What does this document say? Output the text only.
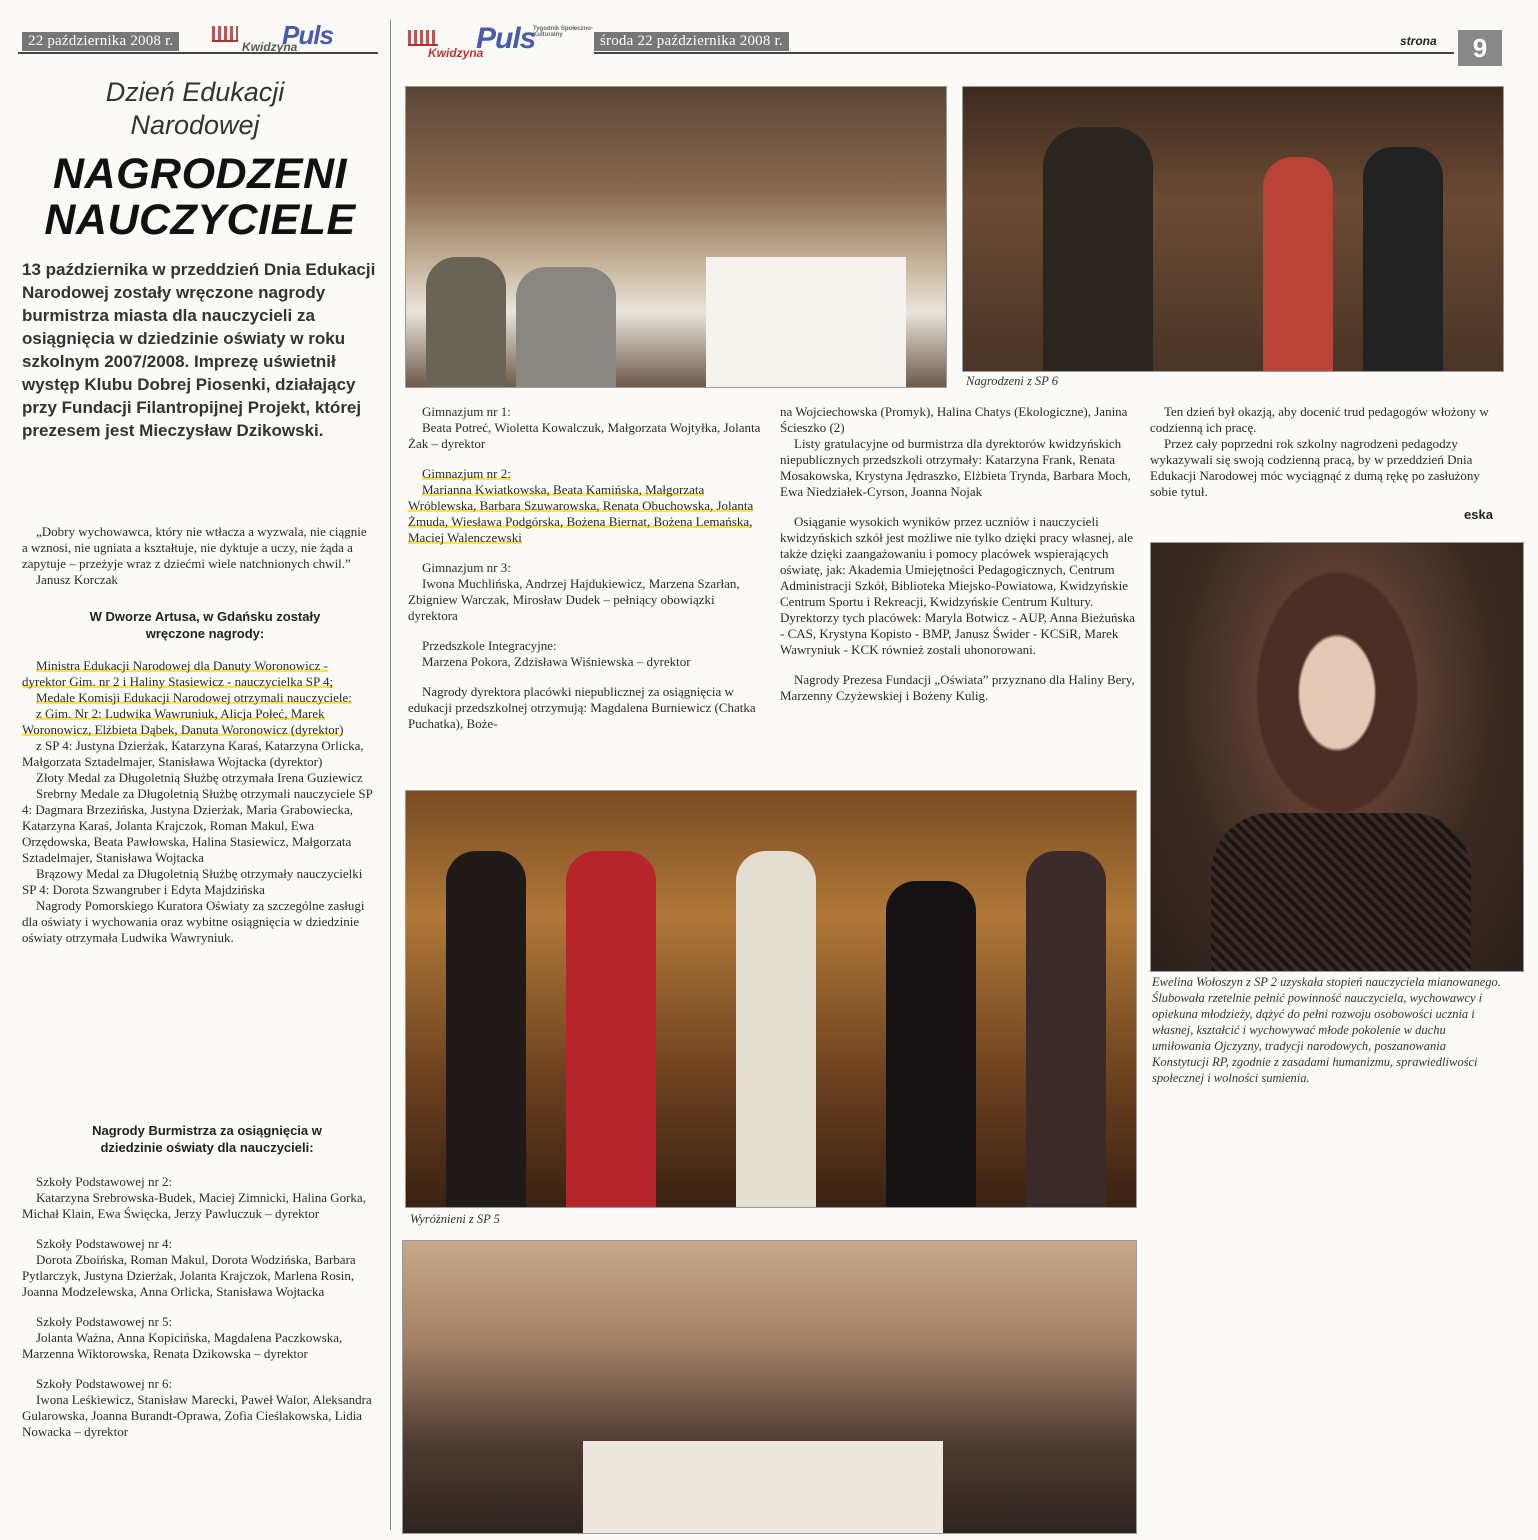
22 października 2008 r.	Kwidzyna
Puls	Puls
Kwidzyna
Tygodnik Społeczno-Kulturalny	środa 22 października 2008 r.	strona	9
Dzień Edukacji Narodowej
NAGRODZENI
NAUCZYCIELE
13 października w przeddzień Dnia Edukacji Narodowej zostały wręczone nagrody burmistrza miasta dla nauczycieli za osiągnięcia w dziedzinie oświaty w roku szkolnym 2007/2008. Imprezę uświetnił występ Klubu Dobrej Piosenki, działający przy Fundacji Filantropijnej Projekt, której prezesem jest Mieczysław Dzikowski.

„Dobry wychowawca, który nie wtłacza a wyzwala, nie ciągnie a wznosi, nie ugniata a kształtuje, nie dyktuje a uczy, nie żąda a zapytuje – przeżyje wraz z dziećmi wiele natchnionych chwil.”

Janusz Korczak

W Dworze Artusa, w Gdańsku zostały wręczone nagrody:

Ministra Edukacji Narodowej dla Danuty Woronowicz - dyrektor Gim. nr 2 i Haliny Stasiewicz - nauczycielka SP 4;

Medale Komisji Edukacji Narodowej otrzymali nauczyciele:

z Gim. Nr 2: Ludwika Wawruniuk, Alicja Połeć, Marek Woronowicz, Elżbieta Dąbek, Danuta Woronowicz (dyrektor)

z SP 4: Justyna Dzierżak, Katarzyna Karaś, Katarzyna Orlicka, Małgorzata Sztadelmajer, Stanisława Wojtacka (dyrektor)

Złoty Medal za Długoletnią Służbę otrzymała Irena Guziewicz

Srebrny Medale za Długoletnią Służbę otrzymali nauczyciele SP 4: Dagmara Brzezińska, Justyna Dzierżak, Maria Grabowiecka, Katarzyna Karaś, Jolanta Krajczok, Roman Makul, Ewa Orzędowska, Beata Pawłowska, Halina Stasiewicz, Małgorzata Sztadelmajer, Stanisława Wojtacka

Brązowy Medal za Długoletnią Służbę otrzymały nauczycielki SP 4: Dorota Szwangruber i Edyta Majdzińska

Nagrody Pomorskiego Kuratora Oświaty za szczególne zasługi dla oświaty i wychowania oraz wybitne osiągnięcia w dziedzinie oświaty otrzymała Ludwika Wawryniuk.

Nagrody Burmistrza za osiągnięcia w dziedzinie oświaty dla nauczycieli:

Szkoły Podstawowej nr 2:

Katarzyna Srebrowska-Budek, Maciej Zimnicki, Halina Gorka, Michał Klain, Ewa Święcka, Jerzy Pawluczuk – dyrektor

Szkoły Podstawowej nr 4:

Dorota Zboińska, Roman Makul, Dorota Wodzińska, Barbara Pytlarczyk, Justyna Dzierżak, Jolanta Krajczok, Marlena Rosin, Joanna Modzelewska, Anna Orlicka, Stanisława Wojtacka

Szkoły Podstawowej nr 5:

Jolanta Ważna, Anna Kopicińska, Magdalena Paczkowska, Marzenna Wiktorowska, Renata Dzikowska – dyrektor

Szkoły Podstawowej nr 6:

Iwona Leśkiewicz, Stanisław Marecki, Paweł Walor, Aleksandra Gularowska, Joanna Burandt-Oprawa, Zofia Cieślakowska, Lidia Nowacka – dyrektor

Nagrodzeni z SP 6

Gimnazjum nr 1:

Beata Potreć, Wioletta Kowalczuk, Małgorzata Wojtyłka, Jolanta Żak – dyrektor

Gimnazjum nr 2:

Marianna Kwiatkowska, Beata Kamińska, Małgorzata Wróblewska, Barbara Szuwarowska, Renata Obuchowska, Jolanta Żmuda, Wiesława Podgórska, Bożena Biernat, Bożena Lemańska, Maciej Walenczewski

Gimnazjum nr 3:

Iwona Muchlińska, Andrzej Hajdukiewicz, Marzena Szarłan, Zbigniew Warczak, Mirosław Dudek – pełniący obowiązki dyrektora

Przedszkole Integracyjne:

Marzena Pokora, Zdzisława Wiśniewska – dyrektor

Nagrody dyrektora placówki niepublicznej za osiągnięcia w edukacji przedszkolnej otrzymują: Magdalena Burniewicz (Chatka Puchatka), Boże-

na Wojciechowska (Promyk), Halina Chatys (Ekologiczne), Janina Ścieszko (2)

Listy gratulacyjne od burmistrza dla dyrektorów kwidzyńskich niepublicznych przedszkoli otrzymały: Katarzyna Frank, Renata Mosakowska, Krystyna Jędraszko, Elżbieta Trynda, Barbara Moch, Ewa Niedziałek-Cyrson, Joanna Nojak

Osiąganie wysokich wyników przez uczniów i nauczycieli kwidzyńskich szkół jest możliwe nie tylko dzięki pracy własnej, ale także dzięki zaangażowaniu i pomocy placówek wspierających oświatę, jak: Akademia Umiejętności Pedagogicznych, Centrum Administracji Szkół, Biblioteka Miejsko-Powiatowa, Kwidzyńskie Centrum Sportu i Rekreacji, Kwidzyńskie Centrum Kultury. Dyrektorzy tych placówek: Maryla Botwicz - AUP, Anna Bieżuńska - CAS, Krystyna Kopisto - BMP, Janusz Świder - KCSiR, Marek Wawryniuk - KCK również zostali uhonorowani.

Nagrody Prezesa Fundacji „Oświata” przyznano dla Haliny Bery, Marzenny Czyżewskiej i Bożeny Kulig.

Ten dzień był okazją, aby docenić trud pedagogów włożony w codzienną ich pracę.

Przez cały poprzedni rok szkolny nagrodzeni pedagodzy wykazywali się swoją codzienną pracą, by w przeddzień Dnia Edukacji Narodowej móc wyciągnąć z dumą rękę po zasłużony sobie tytuł.

eska
Ewelina Wołoszyn z SP 2 uzyskała stopień nauczyciela mianowanego. Ślubowała rzetelnie pełnić powinność nauczyciela, wychowawcy i opiekuna młodzieży, dążyć do pełni rozwoju osobowości ucznia i własnej, kształcić i wychowywać młode pokolenie w duchu umiłowania Ojczyzny, tradycji narodowych, poszanowania Konstytucji RP, zgodnie z zasadami humanizmu, sprawiedliwości społecznej i wolności sumienia.
Wyróżnieni z SP 5
